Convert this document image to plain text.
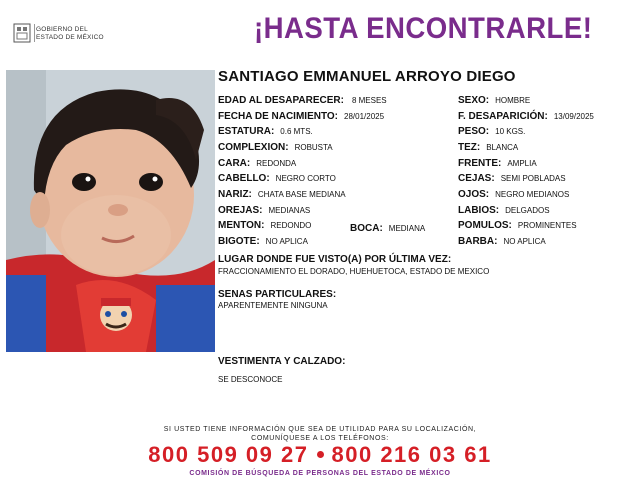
GOBIERNO DEL
ESTADO DE MÉXICO	¡HASTA ENCONTRARLE!
SANTIAGO EMMANUEL ARROYO DIEGO
EDAD AL DESAPARECER: 8 MESES
FECHA DE NACIMIENTO: 28/01/2025
ESTATURA: 0.6 MTS.
COMPLEXION: ROBUSTA
CARA: REDONDA
CABELLO: NEGRO CORTO
NARIZ: CHATA BASE MEDIANA
OREJAS: MEDIANAS
MENTON: REDONDO	BOCA: MEDIANA
BIGOTE: NO APLICA
SEXO: HOMBRE
F. DESAPARICIÓN: 13/09/2025
PESO: 10 KGS.
TEZ: BLANCA
FRENTE: AMPLIA
CEJAS: SEMI POBLADAS
OJOS: NEGRO MEDIANOS
LABIOS: DELGADOS
POMULOS: PROMINENTES
BARBA: NO APLICA
LUGAR DONDE FUE VISTO(A) POR ÚLTIMA VEZ:
FRACCIONAMIENTO EL DORADO, HUEHUETOCA, ESTADO DE MEXICO
SENAS PARTICULARES:
APARENTEMENTE NINGUNA
VESTIMENTA Y CALZADO:
SE DESCONOCE
SI USTED TIENE INFORMACIÓN QUE SEA DE UTILIDAD PARA SU LOCALIZACIÓN,
COMUNÍQUESE A LOS TELÉFONOS:
800 509 09 27 800 216 03 61
COMISIÓN DE BÚSQUEDA DE PERSONAS DEL ESTADO DE MÉXICO
